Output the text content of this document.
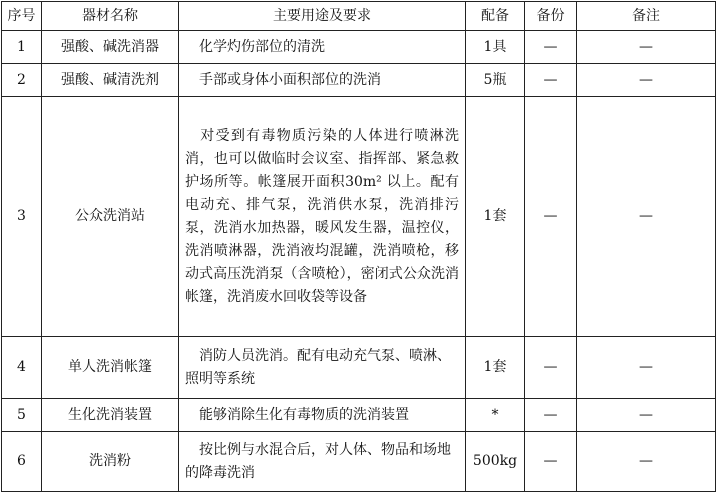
序号	器材名称	主要用途及要求	配备	备份	备注
1	强酸、碱洗消器	化学灼伤部位的清洗	1具	—	—
2	强酸、碱清洗剂	手部或身体小面积部位的洗消	5瓶	—	—
3	公众洗消站	对受到有毒物质污染的人体进行喷淋洗消，也可以做临时会议室、指挥部、紧急救护场所等。帐篷展开面积30m² 以上。配有电动充、排气泵，洗消供水泵，洗消排污泵，洗消水加热器，暖风发生器，温控仪，洗消喷淋器，洗消液均混罐，洗消喷枪，移动式高压洗消泵（含喷枪），密闭式公众洗消帐篷，洗消废水回收袋等设备	1套	—	—
4	单人洗消帐篷	消防人员洗消。配有电动充气泵、喷淋、照明等系统	1套	—	—
5	生化洗消装置	能够消除生化有毒物质的洗消装置	*	—	—
6	洗消粉	按比例与水混合后，对人体、物品和场地的降毒洗消	500kg	—	—
